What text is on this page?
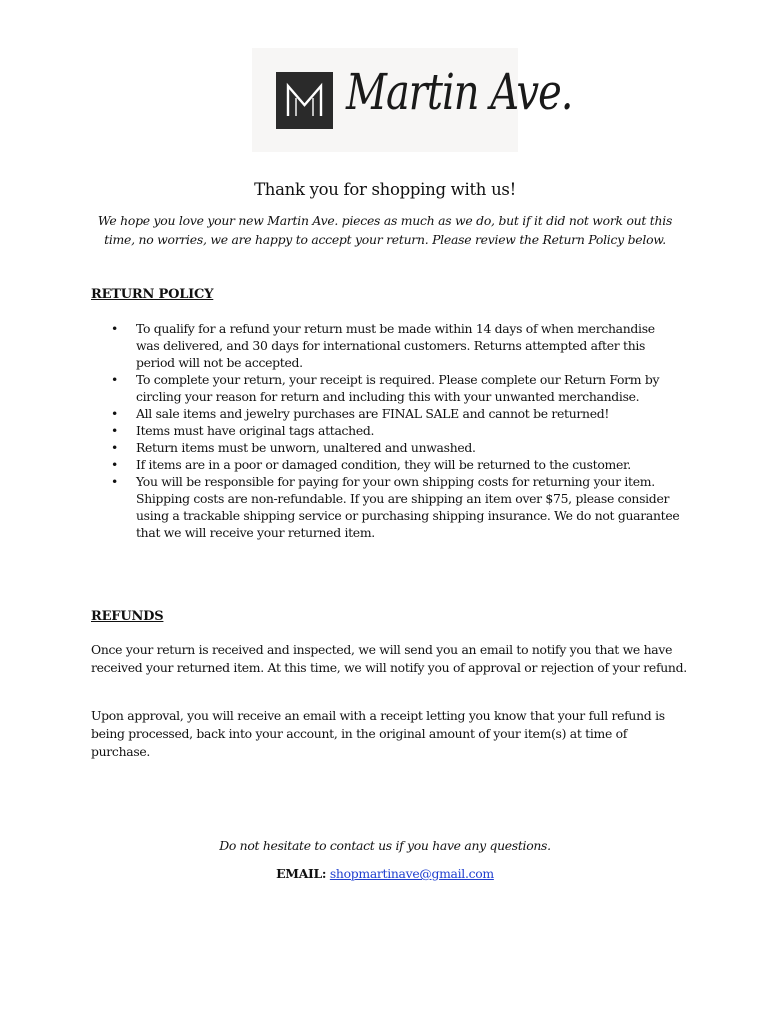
Martin Ave.
Thank you for shopping with us!
We hope you love your new Martin Ave. pieces as much as we do, but if it did not work out this time, no worries, we are happy to accept your return. Please review the Return Policy below.
RETURN POLICY
• To qualify for a refund your return must be made within 14 days of when merchandise was delivered, and 30 days for international customers. Returns attempted after this period will not be accepted.
• To complete your return, your receipt is required. Please complete our Return Form by circling your reason for return and including this with your unwanted merchandise.
• All sale items and jewelry purchases are FINAL SALE and cannot be returned!
• Items must have original tags attached.
• Return items must be unworn, unaltered and unwashed.
• If items are in a poor or damaged condition, they will be returned to the customer.
• You will be responsible for paying for your own shipping costs for returning your item. Shipping costs are non-refundable. If you are shipping an item over $75, please consider using a trackable shipping service or purchasing shipping insurance. We do not guarantee that we will receive your returned item.
REFUNDS

Once your return is received and inspected, we will send you an email to notify you that we have received your returned item. At this time, we will notify you of approval or rejection of your refund.

Upon approval, you will receive an email with a receipt letting you know that your full refund is being processed, back into your account, in the original amount of your item(s) at time of purchase.

Do not hesitate to contact us if you have any questions.
EMAIL: shopmartinave@gmail.com
